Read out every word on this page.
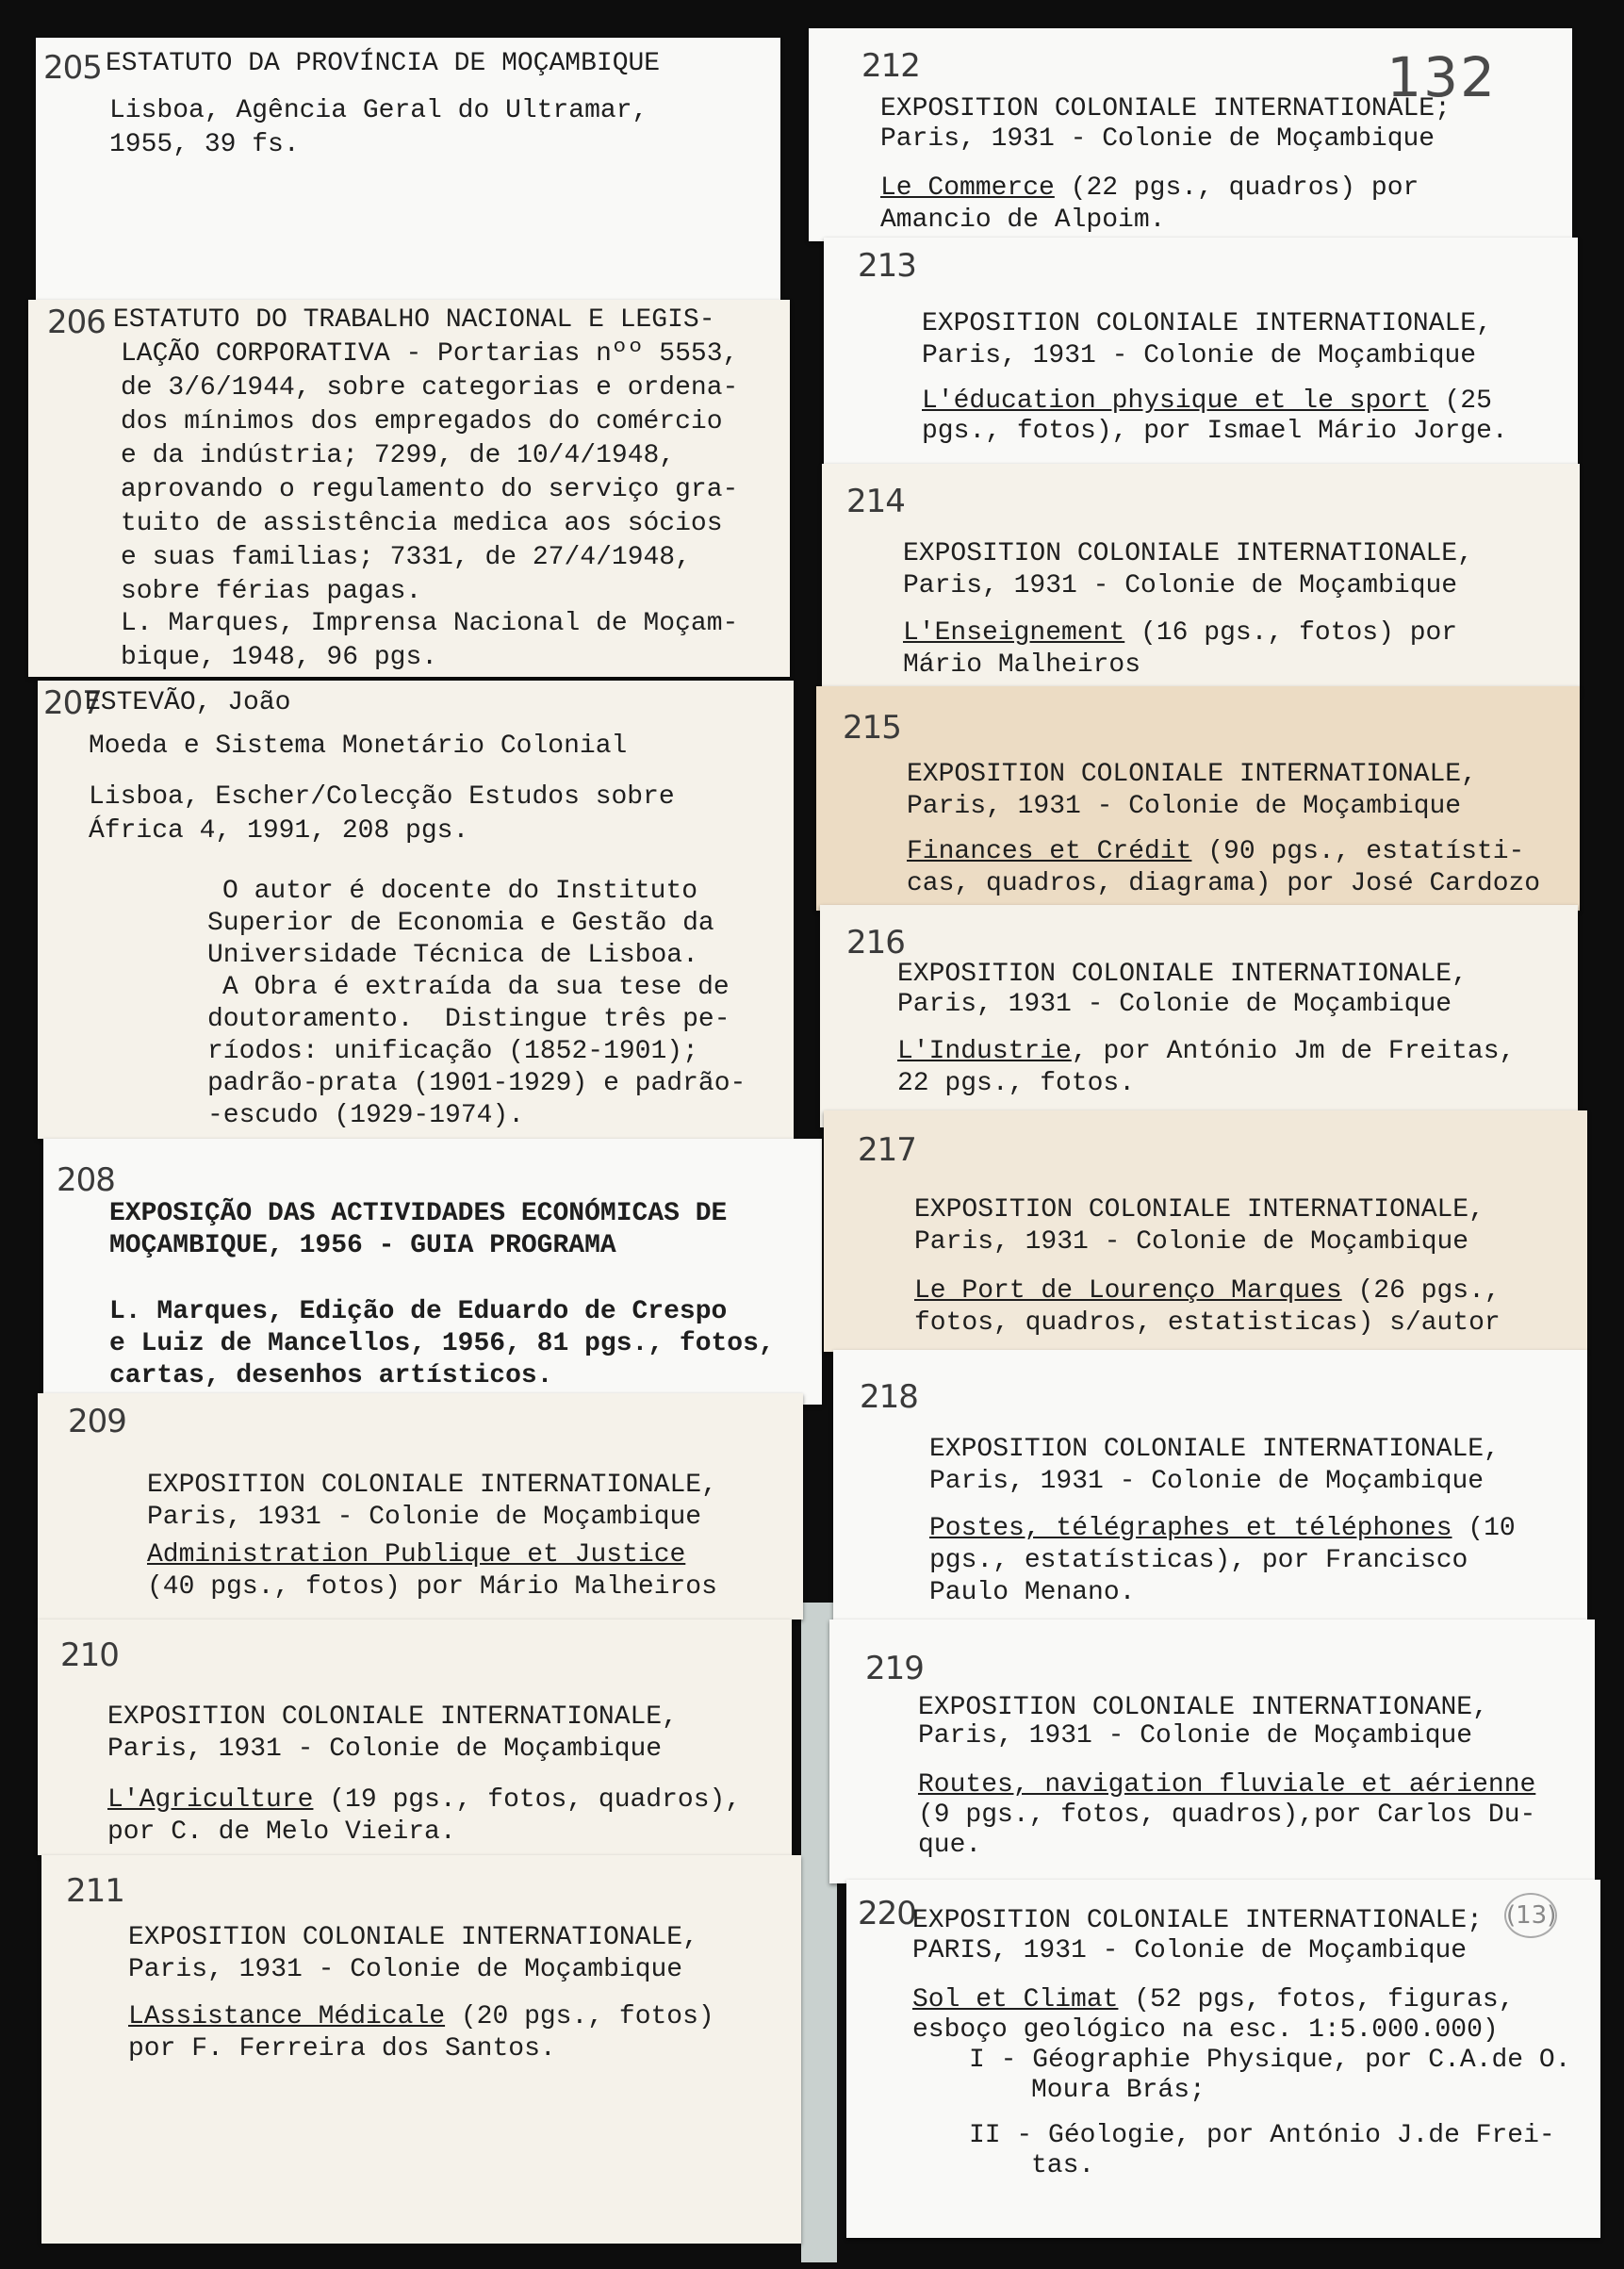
205 ESTATUTO DA PROVÍNCIA DE MOÇAMBIQUE
Lisboa, Agência Geral do Ultramar,
1955, 39 fs.
206 ESTATUTO DO TRABALHO NACIONAL E LEGIS-
LAÇÃO CORPORATIVA - Portarias nºº 5553,
de 3/6/1944, sobre categorias e ordena-
dos mínimos dos empregados do comércio
e da indústria; 7299, de 10/4/1948,
aprovando o regulamento do serviço gra-
tuito de assistência medica aos sócios
e suas familias; 7331, de 27/4/1948,
sobre férias pagas.
L. Marques, Imprensa Nacional de Moçam-
bique, 1948, 96 pgs.
207
ESTEVÃO, João
Moeda e Sistema Monetário Colonial
Lisboa, Escher/Colecção Estudos sobre
África 4, 1991, 208 pgs.
O autor é docente do Instituto
Superior de Economia e Gestão da
Universidade Técnica de Lisboa.
A Obra é extraída da sua tese de
doutoramento.  Distingue três pe-
ríodos: unificação (1852-1901);
padrão-prata (1901-1929) e padrão-
-escudo (1929-1974).
208
EXPOSIÇÃO DAS ACTIVIDADES ECONÓMICAS DE
MOÇAMBIQUE, 1956 - GUIA PROGRAMA
L. Marques, Edição de Eduardo de Crespo
e Luiz de Mancellos, 1956, 81 pgs., fotos,
cartas, desenhos artísticos.
209
EXPOSITION COLONIALE INTERNATIONALE,
Paris, 1931 - Colonie de Moçambique
Administration Publique et Justice
(40 pgs., fotos) por Mário Malheiros
210
EXPOSITION COLONIALE INTERNATIONALE,
Paris, 1931 - Colonie de Moçambique
L'Agriculture (19 pgs., fotos, quadros),
por C. de Melo Vieira.
211
EXPOSITION COLONIALE INTERNATIONALE,
Paris, 1931 - Colonie de Moçambique
LAssistance Médicale (20 pgs., fotos)
por F. Ferreira dos Santos.
212	132
EXPOSITION COLONIALE INTERNATIONALE;
Paris, 1931 - Colonie de Moçambique
Le Commerce (22 pgs., quadros) por
Amancio de Alpoim.
213
EXPOSITION COLONIALE INTERNATIONALE,
Paris, 1931 - Colonie de Moçambique
L'éducation physique et le sport (25
pgs., fotos), por Ismael Mário Jorge.
214
EXPOSITION COLONIALE INTERNATIONALE,
Paris, 1931 - Colonie de Moçambique
L'Enseignement (16 pgs., fotos) por
Mário Malheiros
215
EXPOSITION COLONIALE INTERNATIONALE,
Paris, 1931 - Colonie de Moçambique
Finances et Crédit (90 pgs., estatísti-
cas, quadros, diagrama) por José Cardozo
216
EXPOSITION COLONIALE INTERNATIONALE,
Paris, 1931 - Colonie de Moçambique
L'Industrie, por António Jm de Freitas,
22 pgs., fotos.
217
EXPOSITION COLONIALE INTERNATIONALE,
Paris, 1931 - Colonie de Moçambique
Le Port de Lourenço Marques (26 pgs.,
fotos, quadros, estatisticas) s/autor
218
EXPOSITION COLONIALE INTERNATIONALE,
Paris, 1931 - Colonie de Moçambique
Postes, télégraphes et téléphones (10
pgs., estatísticas), por Francisco
Paulo Menano.
219
EXPOSITION COLONIALE INTERNATIONANE,
Paris, 1931 - Colonie de Moçambique
Routes, navigation fluviale et aérienne
(9 pgs., fotos, quadros),por Carlos Du-
que.
220	(13)
EXPOSITION COLONIALE INTERNATIONALE;
PARIS, 1931 - Colonie de Moçambique
Sol et Climat (52 pgs, fotos, figuras,
esboço geológico na esc. 1:5.000.000)
I - Géographie Physique, por C.A.de O.
Moura Brás;
II - Géologie, por António J.de Frei-
tas.
